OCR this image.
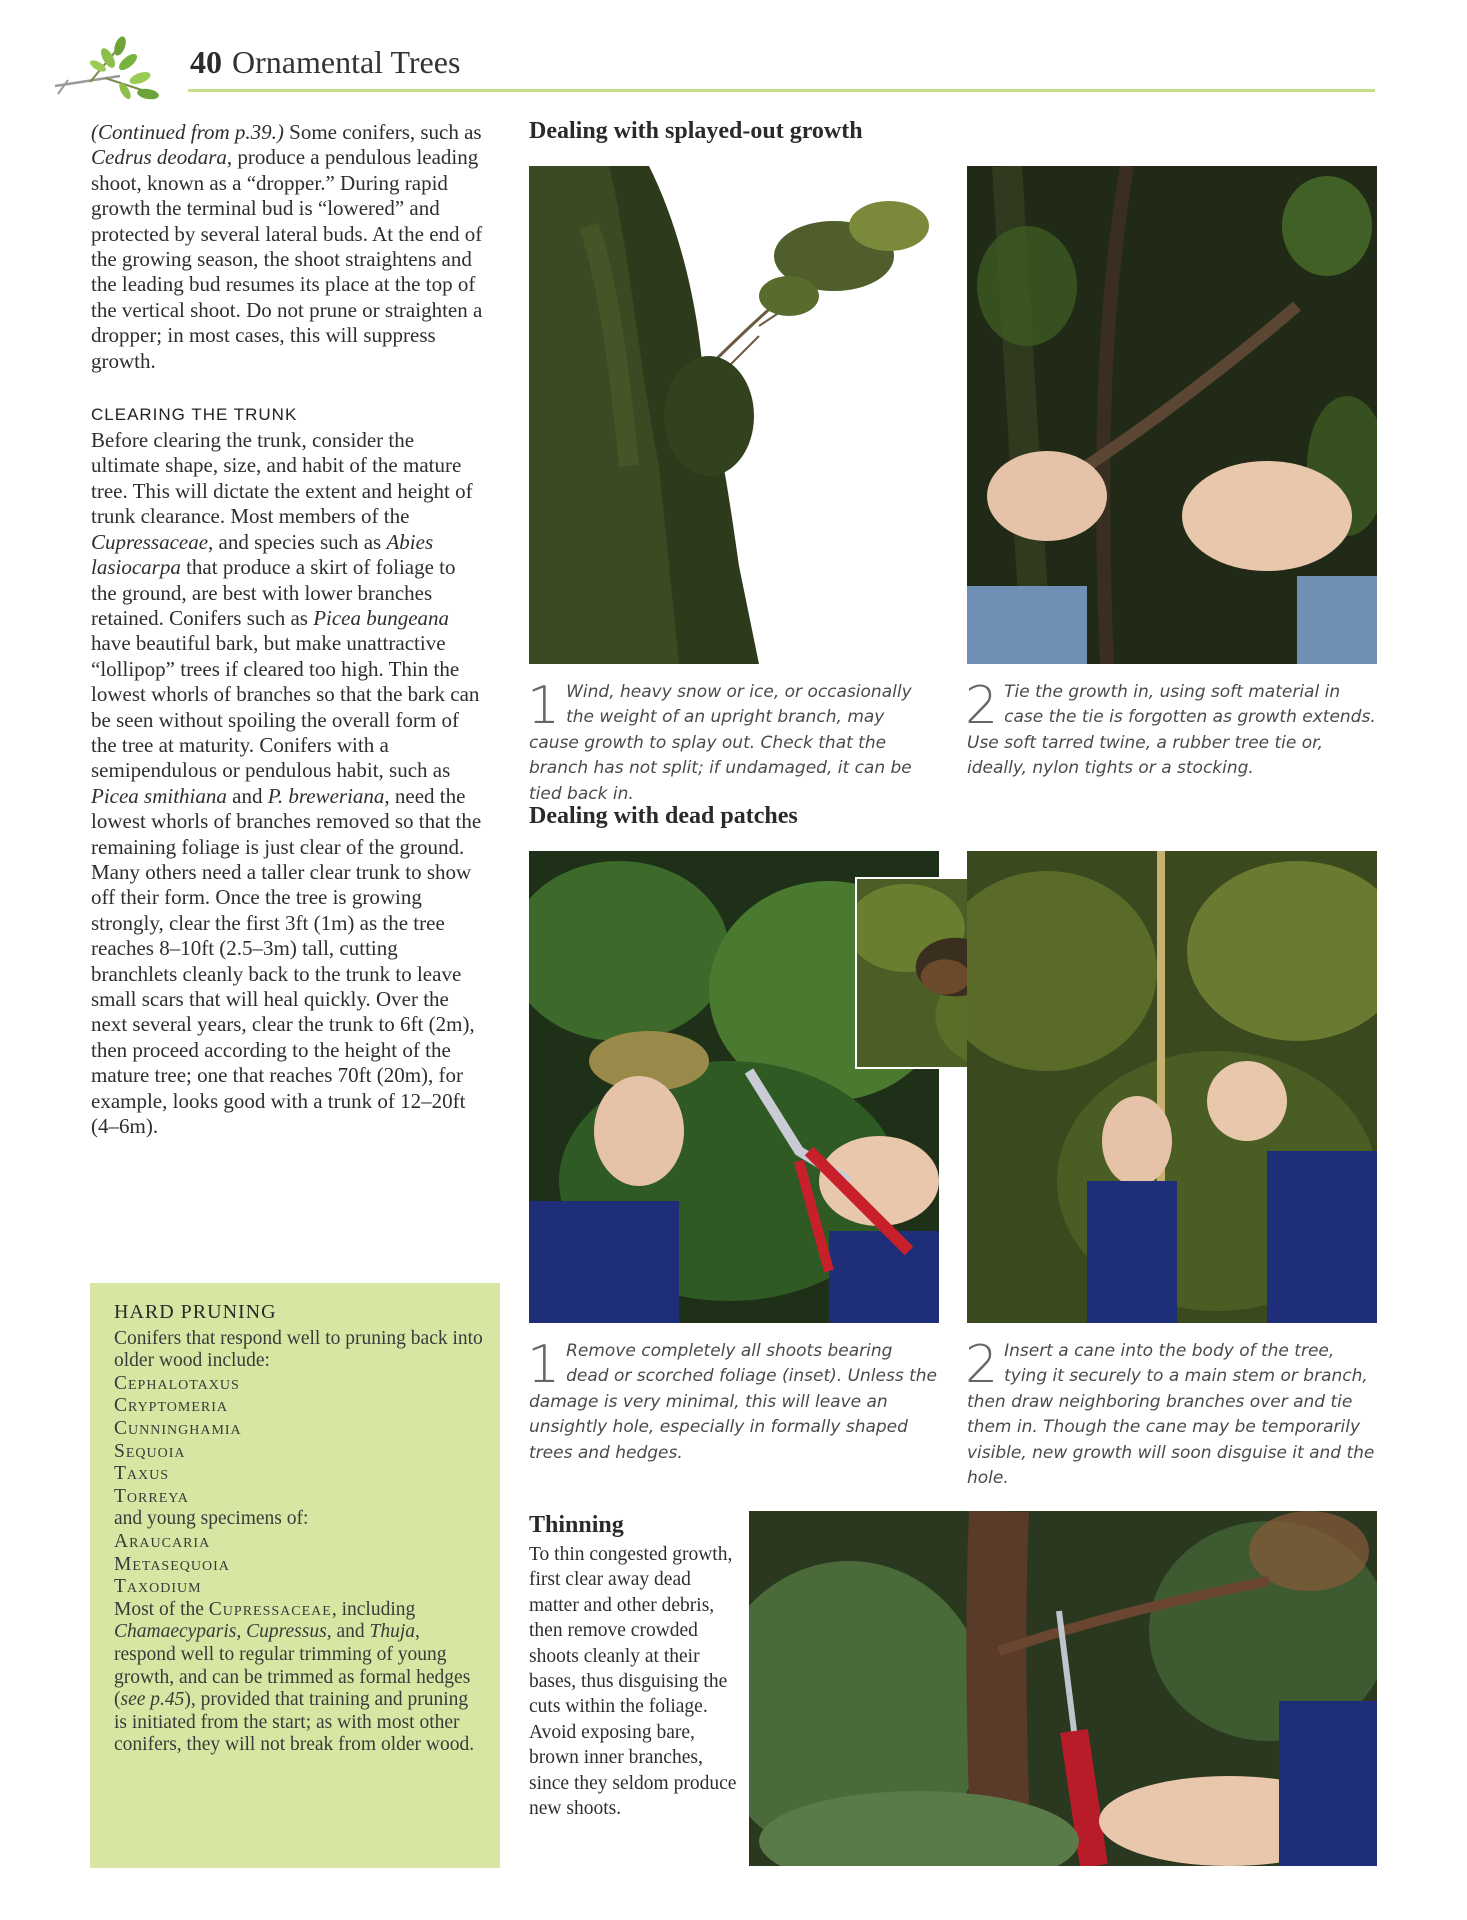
40 Ornamental Trees

(Continued from p.39.) Some conifers, such as Cedrus deodara, produce a pendulous leading shoot, known as a “dropper.” During rapid growth the terminal bud is “lowered” and protected by several lateral buds. At the end of the growing season, the shoot straightens and the leading bud resumes its place at the top of the vertical shoot. Do not prune or straighten a dropper; in most cases, this will suppress growth.

CLEARING THE TRUNK

Before clearing the trunk, consider the ultimate shape, size, and habit of the mature tree. This will dictate the extent and height of trunk clearance. Most members of the Cupressaceae, and species such as Abies lasiocarpa that produce a skirt of foliage to the ground, are best with lower branches retained. Conifers such as Picea bungeana have beautiful bark, but make unattractive “lollipop” trees if cleared too high. Thin the lowest whorls of branches so that the bark can be seen without spoiling the overall form of the tree at maturity. Conifers with a semipendulous or pendulous habit, such as Picea smithiana and P. breweriana, need the lowest whorls of branches removed so that the remaining foliage is just clear of the ground. Many others need a taller clear trunk to show off their form. Once the tree is growing strongly, clear the first 3ft (1m) as the tree reaches 8–10ft (2.5–3m) tall, cutting branchlets cleanly back to the trunk to leave small scars that will heal quickly. Over the next several years, clear the trunk to 6ft (2m), then proceed according to the height of the mature tree; one that reaches 70ft (20m), for example, looks good with a trunk of 12–20ft (4–6m).

HARD PRUNING

Conifers that respond well to pruning back into older wood include:

Cephalotaxus
Cryptomeria
Cunninghamia
Sequoia
Taxus
Torreya

and young specimens of:

Araucaria
Metasequoia
Taxodium

Most of the Cupressaceae, including Chamaecyparis, Cupressus, and Thuja, respond well to regular trimming of young growth, and can be trimmed as formal hedges (see p.45), provided that training and pruning is initiated from the start; as with most other conifers, they will not break from older wood.

Dealing with splayed-out growth
1 Wind, heavy snow or ice, or occasionally the weight of an upright branch, may cause growth to splay out. Check that the branch has not split; if undamaged, it can be tied back in.
2 Tie the growth in, using soft material in case the tie is forgotten as growth extends. Use soft tarred twine, a rubber tree tie or, ideally, nylon tights or a stocking.
Dealing with dead patches
1 Remove completely all shoots bearing dead or scorched foliage (inset). Unless the damage is very minimal, this will leave an unsightly hole, especially in formally shaped trees and hedges.
2 Insert a cane into the body of the tree, tying it securely to a main stem or branch, then draw neighboring branches over and tie them in. Though the cane may be temporarily visible, new growth will soon disguise it and the hole.
Thinning
To thin congested growth, first clear away dead matter and other debris, then remove crowded shoots cleanly at their bases, thus disguising the cuts within the foliage. Avoid exposing bare, brown inner branches, since they seldom produce new shoots.
